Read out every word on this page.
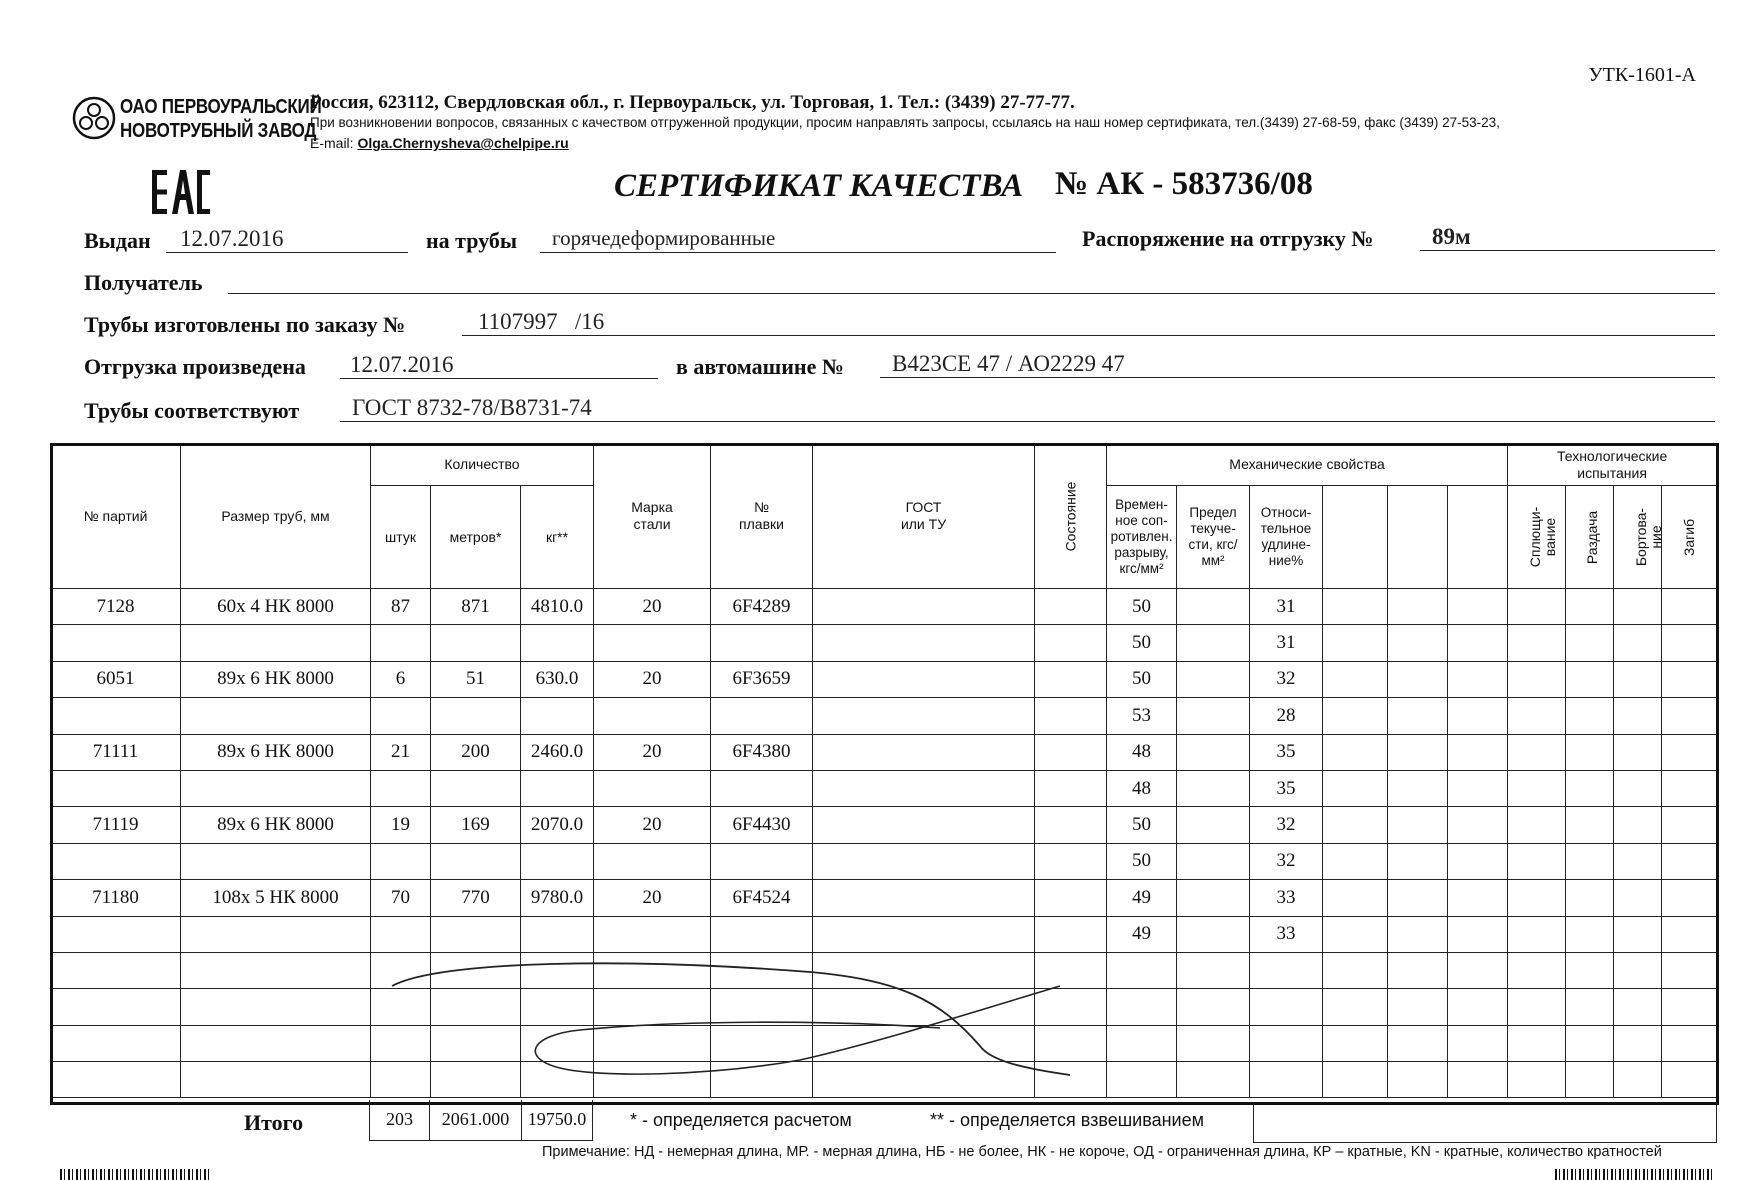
УТК-1601-А
ОАО ПЕРВОУРАЛЬСКИЙ
НОВОТРУБНЫЙ ЗАВОД
Россия, 623112, Свердловская обл., г. Первоуральск, ул. Торговая, 1. Тел.: (3439) 27-77-77.
При возникновении вопросов, связанных с качеством отгруженной продукции, просим направлять запросы, ссылаясь на наш номер сертификата, тел.(3439) 27-68-59, факс (3439) 27-53-23,
E-mail: Olga.Chernysheva@chelpipe.ru
СЕРТИФИКАТ КАЧЕСТВА № АК - 583736/08
Выдан 12.07.2016	на трубы горячедеформированные	Распоряжение на отгрузку №	89м
Получатель
Трубы изготовлены по заказу №	1107997   /16
Отгрузка произведена 12.07.2016	в автомашине № В423СЕ 47 / АО2229 47
Трубы соответствуют ГОСТ 8732-78/В8731-74
№ партий	Размер труб, мм	Количество			Марка стали	№ плавки	ГОСТ или ТУ	Состояние	Механические свойства						Технологические испытания			
		штук	метров*	кг**					Времен-ное соп-ротивлен. разрыву, кгс/мм²	Предел текуче-сти, кгс/мм²	Относи-тельное удлине-ние%				Сплющи-вание	Раздача	Бортова-ние	Загиб
7128	60х 4 НК 8000	87	871	4810.0	20	6F4289			50		31							
									50		31							
6051	89х 6 НК 8000	6	51	630.0	20	6F3659			50		32							
									53		28							
71111	89х 6 НК 8000	21	200	2460.0	20	6F4380			48		35							
									48		35							
71119	89х 6 НК 8000	19	169	2070.0	20	6F4430			50		32							
									50		32							
71180	108х 5 НК 8000	70	770	9780.0	20	6F4524			49		33							
									49		33							

Итого	203	2061.000	19750.0	* - определяется расчетом	** - определяется взвешиванием
Примечание: НД - немерная длина, МР. - мерная длина, НБ - не более, НК - не короче, ОД - ограниченная длина, КР – кратные, KN - кратные, количество кратностей
